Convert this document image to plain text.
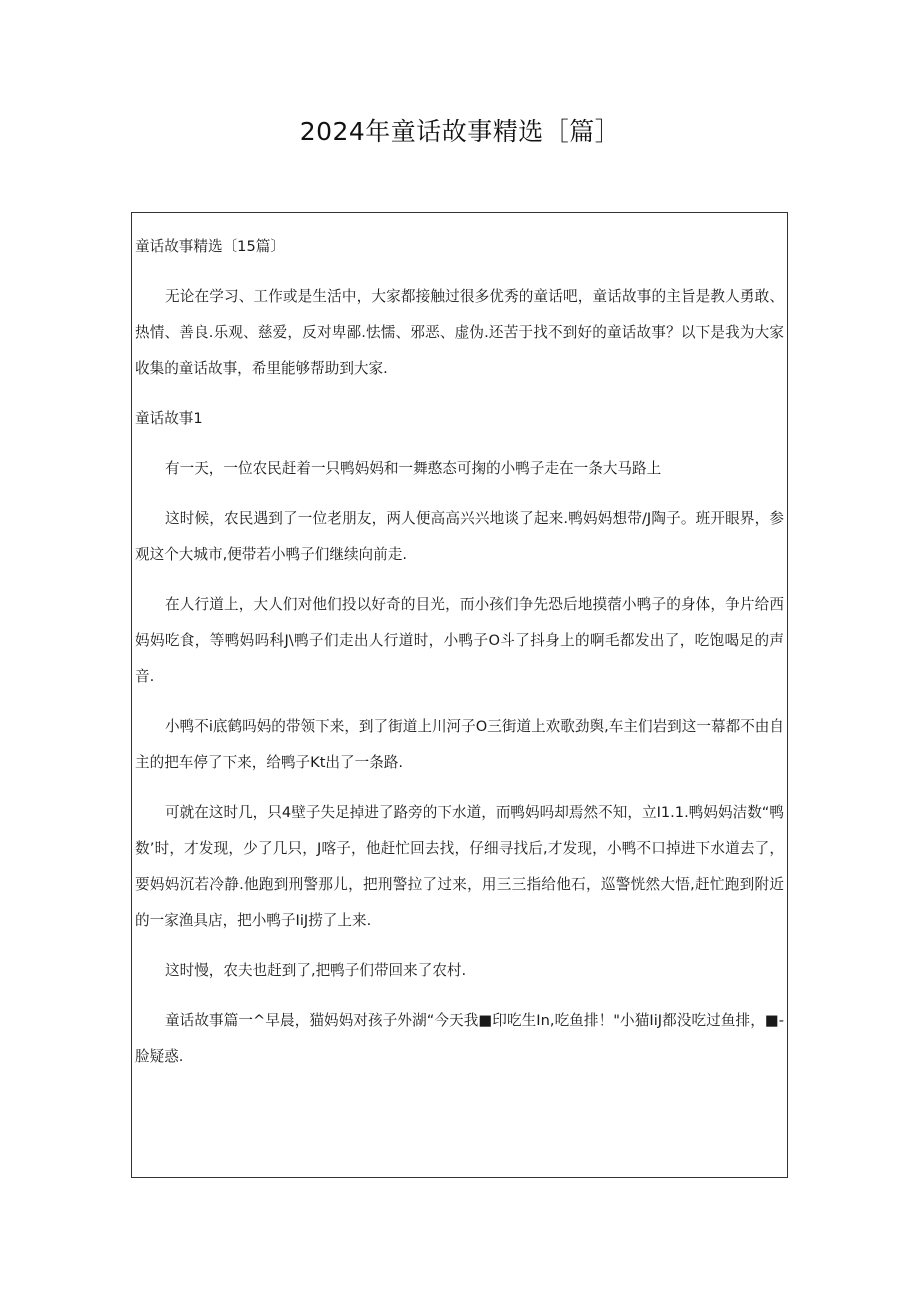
2024年童话故事精选［篇］

童话故事精选〔15篇〕

无论在学习、工作或是生活中，大家都接触过很多优秀的童话吧，童话故事的主旨是教人勇敢、热情、善良.乐观、慈爱，反对卑鄙.怯懦、邪恶、虚伪.还苦于找不到好的童话故事？以下是我为大家收集的童话故事，希里能够帮助到大家.

童话故事1

有一天，一位农民赶着一只鸭妈妈和一舞憨态可掬的小鸭子走在一条大马路上

这时候，农民遇到了一位老朋友，两人便高高兴兴地谈了起来.鸭妈妈想带/J陶子。班开眼界，参观这个大城市,便带若小鸭子们继续向前走.

在人行道上，大人们对他们投以好奇的目光，而小孩们争先恐后地摸蓿小鸭子的身体，争片给西妈妈吃食，等鸭妈吗科J\鸭子们走出人行道时，小鸭子O斗了抖身上的啊毛都发出了，吃饱喝足的声音.

小鸭不i底鹤吗妈的带领下来，到了街道上川河子O三街道上欢歌劲舆,车主们岩到这一幕都不由自主的把车停了下来，给鸭子Kt出了一条路.

可就在这时几，只4壁子失足掉进了路旁的下水道，而鸭妈吗却焉然不知，立I1.1.鸭妈妈洁数“鸭数’时，才发现，少了几只，J喀子，他赶忙回去找，仔细寻找后,才发现，小鸭不口掉进下水道去了，要妈妈沉若冷静.他跑到刑警那儿，把刑警拉了过来，用三三指给他石，巡警恍然大悟,赶忙跑到附近的一家渔具店，把小鸭子IiJ捞了上来.

这时慢，农夫也赶到了,把鸭子们带回来了农村.

童话故事篇一^早晨，猫妈妈对孩子外湖“今天我■印吃生In,吃鱼排！"小猫IiJ都没吃过鱼排，■-脸疑惑.
